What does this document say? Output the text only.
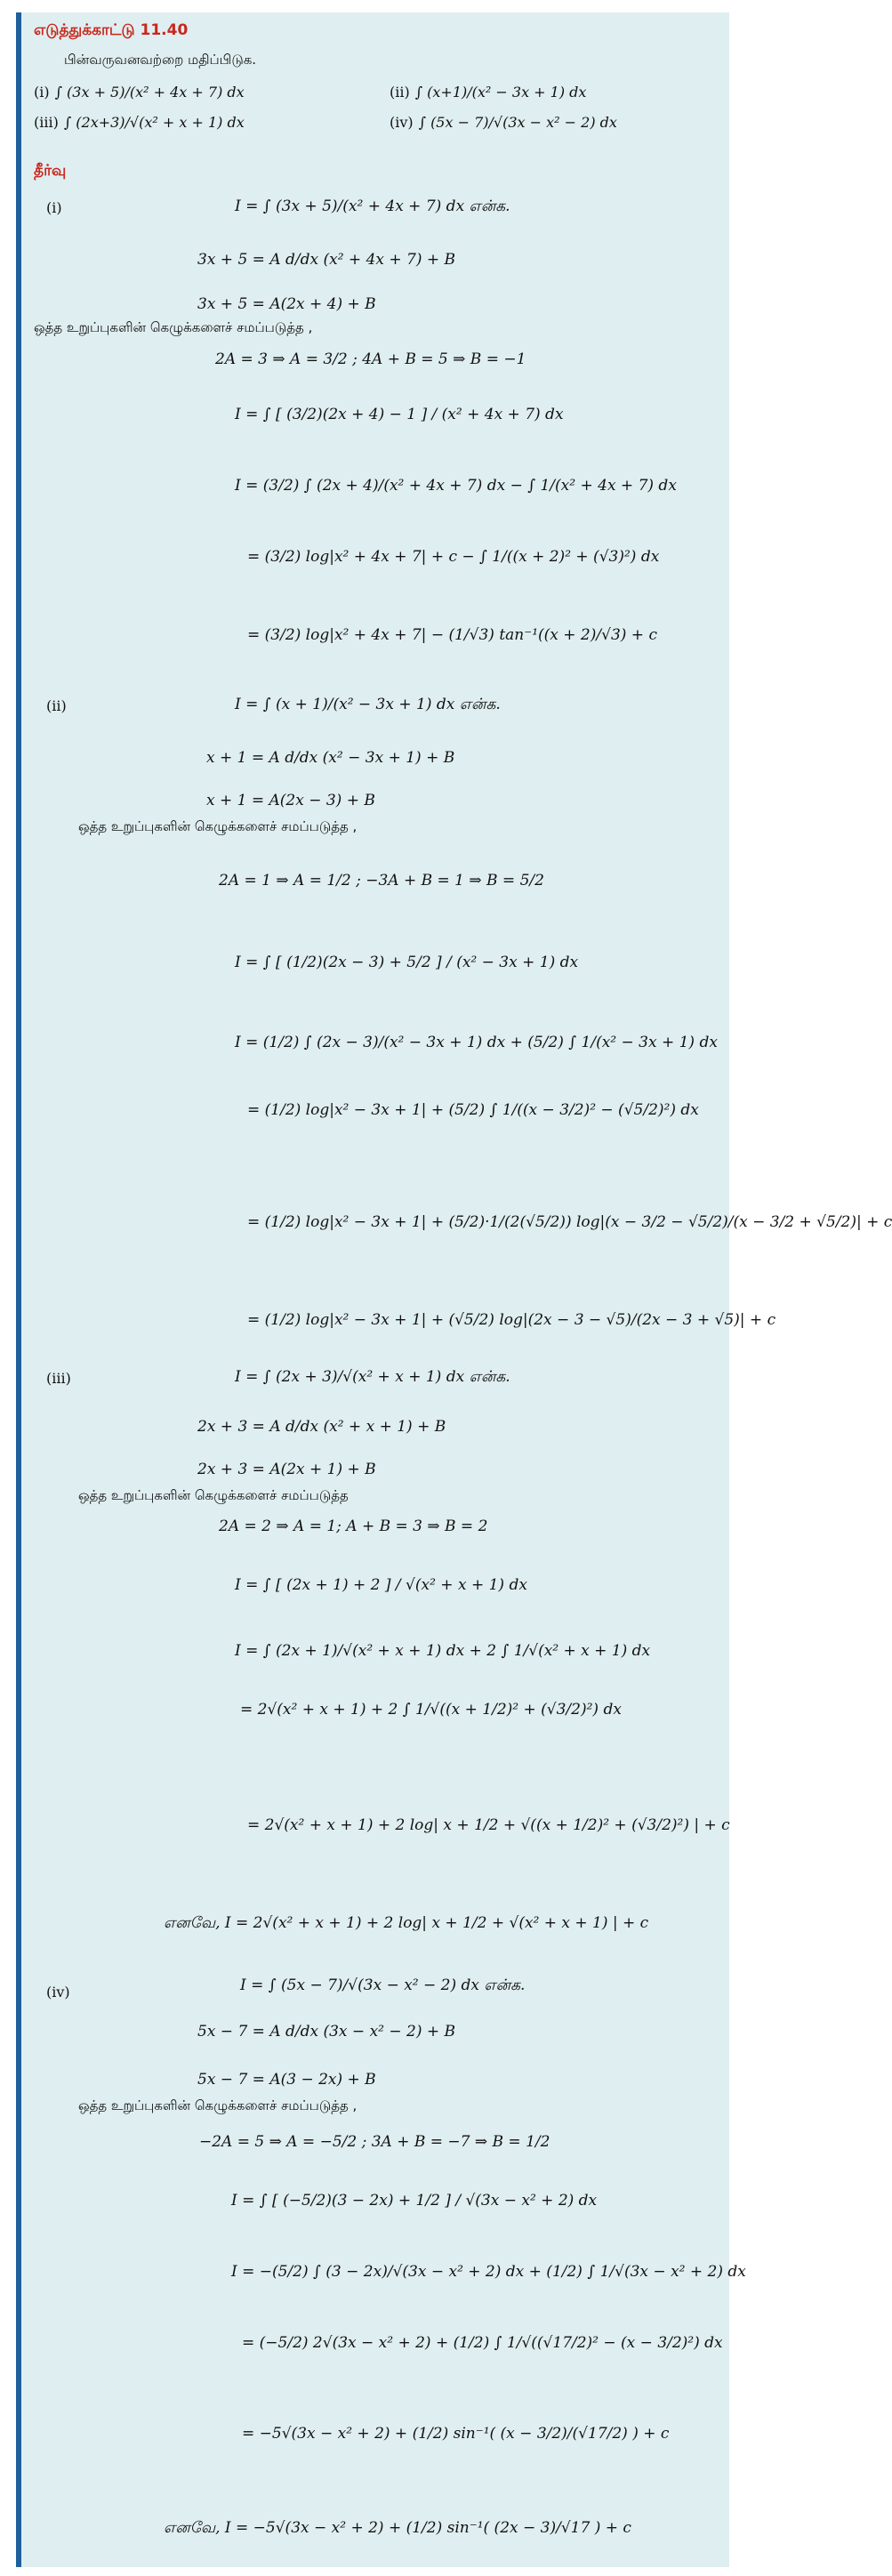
எடுத்துக்காட்டு 11.40
பின்வருவனவற்றை மதிப்பிடுக.
(i) ∫ (3x + 5)/(x² + 4x + 7) dx	(ii) ∫ (x+1)/(x² − 3x + 1) dx
(iii) ∫ (2x+3)/√(x² + x + 1) dx	(iv) ∫ (5x − 7)/√(3x − x² − 2) dx
தீர்வு
(i)	I = ∫ (3x + 5)/(x² + 4x + 7) dx என்க.
3x + 5 = A d/dx (x² + 4x + 7) + B
3x + 5 = A(2x + 4) + B
ஒத்த உறுப்புகளின் கெழுக்களைச் சமப்படுத்த ,
2A = 3 ⇒ A = 3/2 ; 4A + B = 5 ⇒ B = −1
I = ∫ [ (3/2)(2x + 4) − 1 ] / (x² + 4x + 7) dx
I = (3/2) ∫ (2x + 4)/(x² + 4x + 7) dx − ∫ 1/(x² + 4x + 7) dx
= (3/2) log|x² + 4x + 7| + c − ∫ 1/((x + 2)² + (√3)²) dx
= (3/2) log|x² + 4x + 7| − (1/√3) tan⁻¹((x + 2)/√3) + c
(ii)	I = ∫ (x + 1)/(x² − 3x + 1) dx என்க.
x + 1 = A d/dx (x² − 3x + 1) + B
x + 1 = A(2x − 3) + B
ஒத்த உறுப்புகளின் கெழுக்களைச் சமப்படுத்த ,
2A = 1 ⇒ A = 1/2 ; −3A + B = 1 ⇒ B = 5/2
I = ∫ [ (1/2)(2x − 3) + 5/2 ] / (x² − 3x + 1) dx
I = (1/2) ∫ (2x − 3)/(x² − 3x + 1) dx + (5/2) ∫ 1/(x² − 3x + 1) dx
= (1/2) log|x² − 3x + 1| + (5/2) ∫ 1/((x − 3/2)² − (√5/2)²) dx
= (1/2) log|x² − 3x + 1| + (5/2)·1/(2(√5/2)) log|(x − 3/2 − √5/2)/(x − 3/2 + √5/2)| + c
= (1/2) log|x² − 3x + 1| + (√5/2) log|(2x − 3 − √5)/(2x − 3 + √5)| + c
(iii)	I = ∫ (2x + 3)/√(x² + x + 1) dx என்க.
2x + 3 = A d/dx (x² + x + 1) + B
2x + 3 = A(2x + 1) + B
ஒத்த உறுப்புகளின் கெழுக்களைச் சமப்படுத்த
2A = 2 ⇒ A = 1; A + B = 3 ⇒ B = 2
I = ∫ [ (2x + 1) + 2 ] / √(x² + x + 1) dx
I = ∫ (2x + 1)/√(x² + x + 1) dx + 2 ∫ 1/√(x² + x + 1) dx
= 2√(x² + x + 1) + 2 ∫ 1/√((x + 1/2)² + (√3/2)²) dx
= 2√(x² + x + 1) + 2 log| x + 1/2 + √((x + 1/2)² + (√3/2)²) | + c
எனவே, I = 2√(x² + x + 1) + 2 log| x + 1/2 + √(x² + x + 1) | + c
(iv)	I = ∫ (5x − 7)/√(3x − x² − 2) dx என்க.
5x − 7 = A d/dx (3x − x² − 2) + B
5x − 7 = A(3 − 2x) + B
ஒத்த உறுப்புகளின் கெழுக்களைச் சமப்படுத்த ,
−2A = 5 ⇒ A = −5/2 ; 3A + B = −7 ⇒ B = 1/2
I = ∫ [ (−5/2)(3 − 2x) + 1/2 ] / √(3x − x² + 2) dx
I = −(5/2) ∫ (3 − 2x)/√(3x − x² + 2) dx + (1/2) ∫ 1/√(3x − x² + 2) dx
= (−5/2) 2√(3x − x² + 2) + (1/2) ∫ 1/√((√17/2)² − (x − 3/2)²) dx
= −5√(3x − x² + 2) + (1/2) sin⁻¹( (x − 3/2)/(√17/2) ) + c
எனவே, I = −5√(3x − x² + 2) + (1/2) sin⁻¹( (2x − 3)/√17 ) + c
